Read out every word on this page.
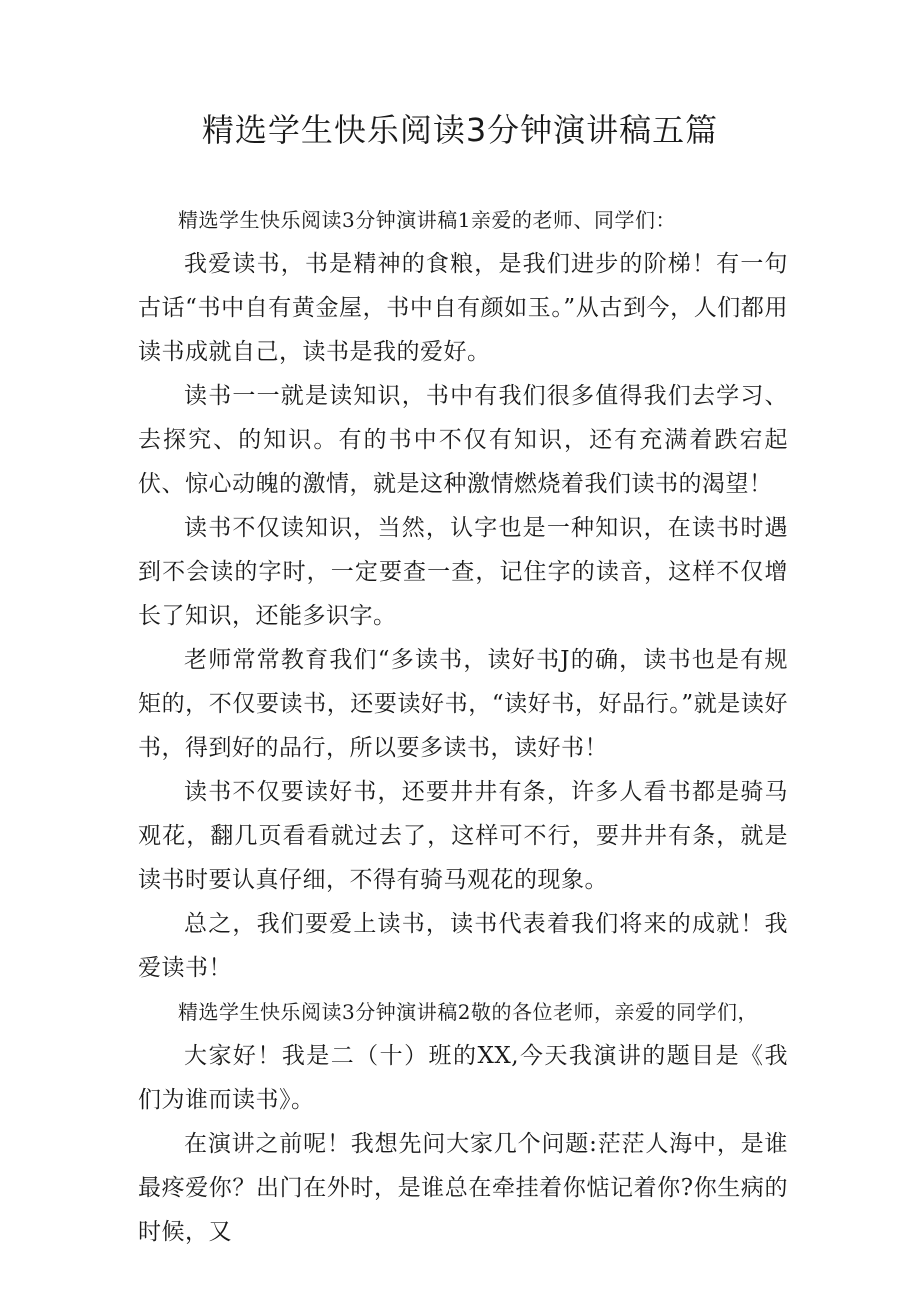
精选学生快乐阅读3分钟演讲稿五篇

精选学生快乐阅读3分钟演讲稿1亲爱的老师、同学们：

我爱读书，书是精神的食粮，是我们进步的阶梯！有一句古话“书中自有黄金屋，书中自有颜如玉。”从古到今，人们都用读书成就自己，读书是我的爱好。

读书一一就是读知识，书中有我们很多值得我们去学习、去探究、的知识。有的书中不仅有知识，还有充满着跌宕起伏、惊心动魄的激情，就是这种激情燃烧着我们读书的渴望！

读书不仅读知识，当然，认字也是一种知识，在读书时遇到不会读的字时，一定要查一查，记住字的读音，这样不仅增长了知识，还能多识字。

老师常常教育我们“多读书，读好书J的确，读书也是有规矩的，不仅要读书，还要读好书，“读好书，好品行。”就是读好书，得到好的品行，所以要多读书，读好书！

读书不仅要读好书，还要井井有条，许多人看书都是骑马观花，翻几页看看就过去了，这样可不行，要井井有条，就是读书时要认真仔细，不得有骑马观花的现象。

总之，我们要爱上读书，读书代表着我们将来的成就！我爱读书！

精选学生快乐阅读3分钟演讲稿2敬的各位老师，亲爱的同学们，

大家好！我是二（十）班的XX,今天我演讲的题目是《我们为谁而读书》。

在演讲之前呢！我想先问大家几个问题:茫茫人海中，是谁最疼爱你？出门在外时，是谁总在牵挂着你惦记着你?你生病的时候，又
